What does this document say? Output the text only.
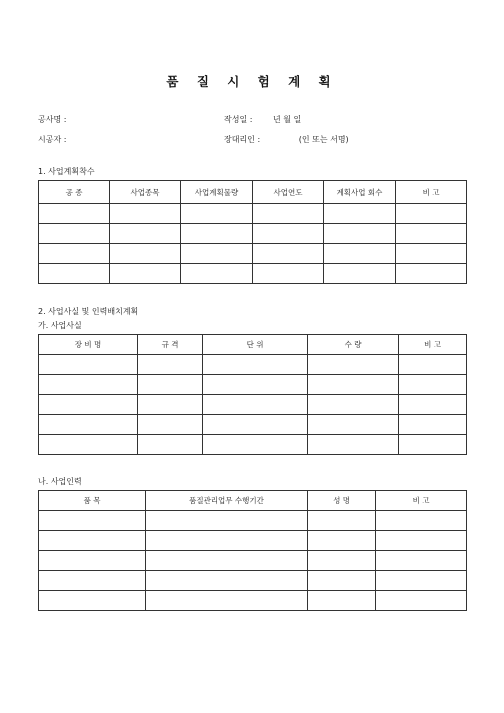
품 질 시 험 계 획
공사명 :	작성일 :	년 월 일
시공자 :	장대리인 :	(인 또는 서명)
1. 사업계획착수
공 종	사업종목	사업계획물량	사업연도	계획사업 회수	비 고

2. 사업사실 및 인력배치계획
가. 사업사실
장 비 명	규 격	단 위	수 량	비 고

나. 사업인력
품 목	품질관리업무 수행기간	성 명	비 고
